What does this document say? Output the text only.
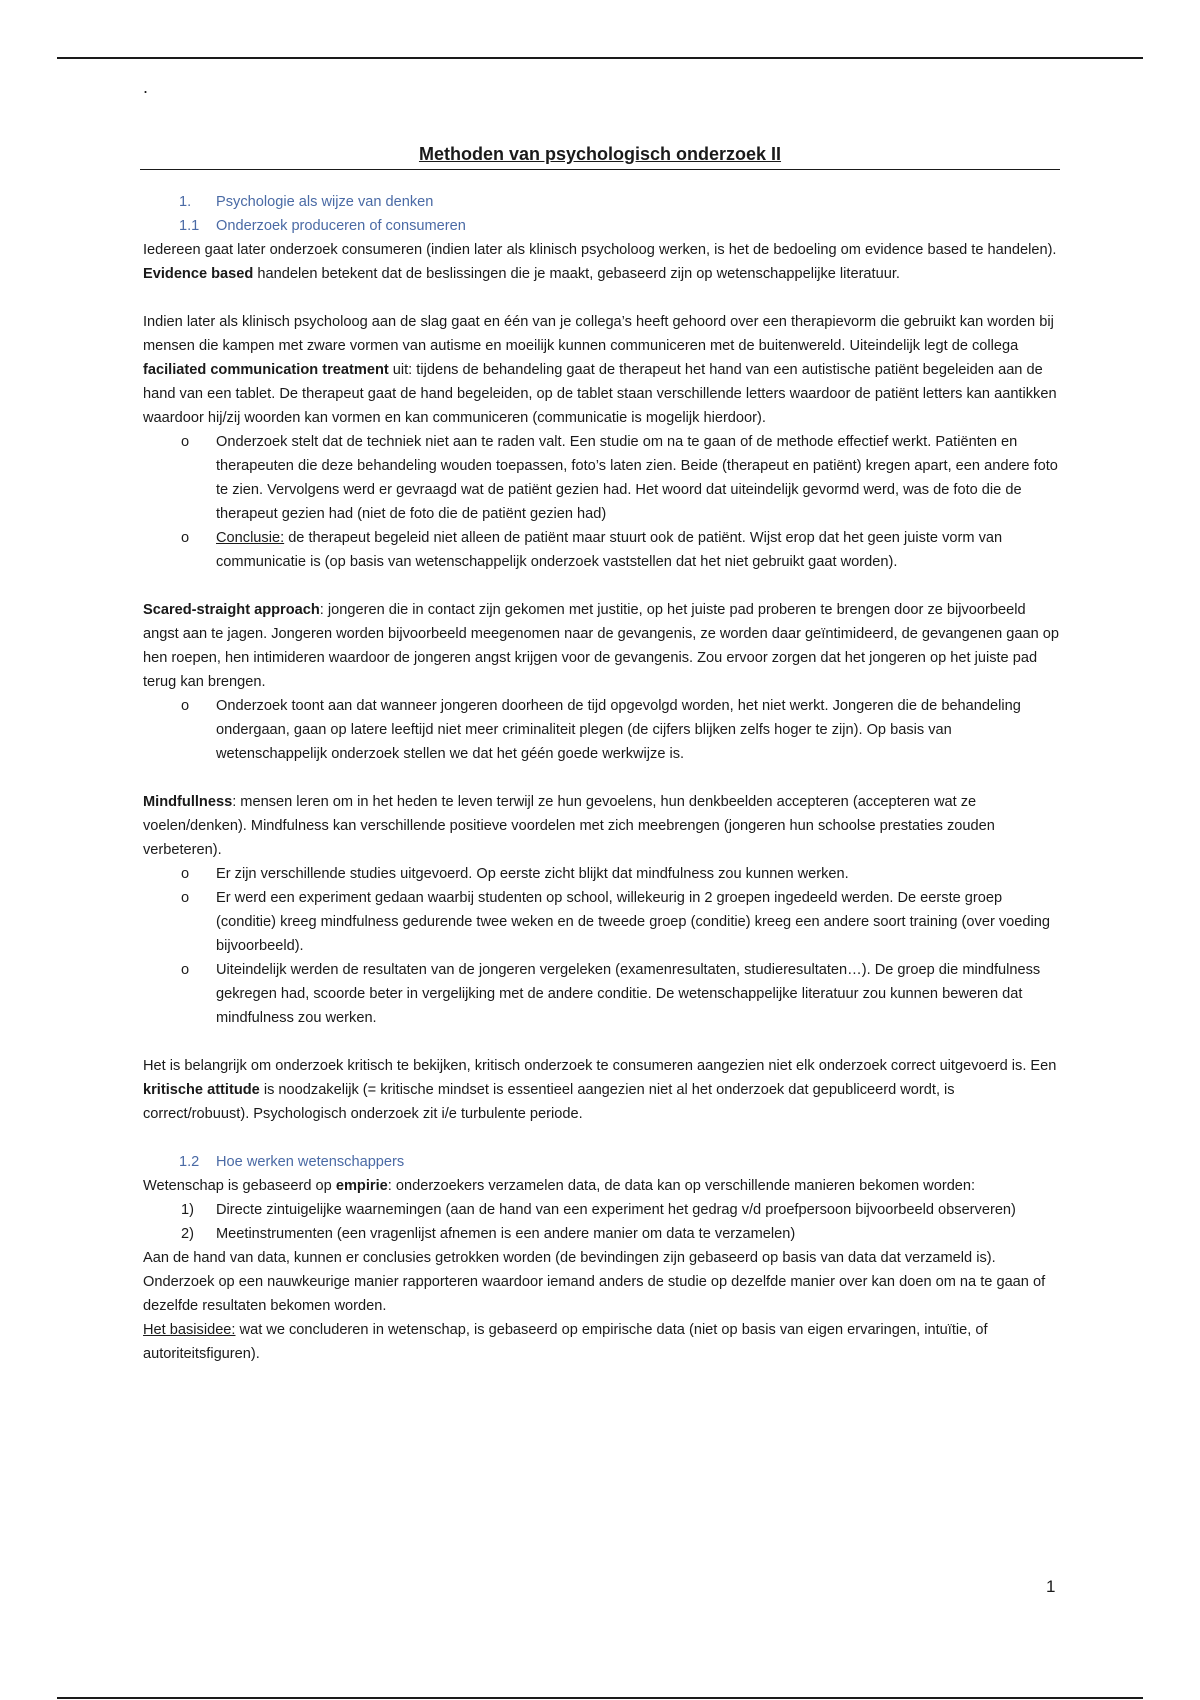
.
Methoden van psychologisch onderzoek II
1. Psychologie als wijze van denken
1.1 Onderzoek produceren of consumeren

Iedereen gaat later onderzoek consumeren (indien later als klinisch psycholoog werken, is het de bedoeling om evidence based te handelen). Evidence based handelen betekent dat de beslissingen die je maakt, gebaseerd zijn op wetenschappelijke literatuur.

Indien later als klinisch psycholoog aan de slag gaat en één van je collega’s heeft gehoord over een therapievorm die gebruikt kan worden bij mensen die kampen met zware vormen van autisme en moeilijk kunnen communiceren met de buitenwereld. Uiteindelijk legt de collega faciliated communication treatment uit: tijdens de behandeling gaat de therapeut het hand van een autistische patiënt begeleiden aan de hand van een tablet. De therapeut gaat de hand begeleiden, op de tablet staan verschillende letters waardoor de patiënt letters kan aantikken waardoor hij/zij woorden kan vormen en kan communiceren (communicatie is mogelijk hierdoor).

o Onderzoek stelt dat de techniek niet aan te raden valt. Een studie om na te gaan of de methode effectief werkt. Patiënten en therapeuten die deze behandeling wouden toepassen, foto’s laten zien. Beide (therapeut en patiënt) kregen apart, een andere foto te zien. Vervolgens werd er gevraagd wat de patiënt gezien had. Het woord dat uiteindelijk gevormd werd, was de foto die de therapeut gezien had (niet de foto die de patiënt gezien had)
o Conclusie: de therapeut begeleid niet alleen de patiënt maar stuurt ook de patiënt. Wijst erop dat het geen juiste vorm van communicatie is (op basis van wetenschappelijk onderzoek vaststellen dat het niet gebruikt gaat worden).

Scared-straight approach: jongeren die in contact zijn gekomen met justitie, op het juiste pad proberen te brengen door ze bijvoorbeeld angst aan te jagen. Jongeren worden bijvoorbeeld meegenomen naar de gevangenis, ze worden daar geïntimideerd, de gevangenen gaan op hen roepen, hen intimideren waardoor de jongeren angst krijgen voor de gevangenis. Zou ervoor zorgen dat het jongeren op het juiste pad terug kan brengen.

o Onderzoek toont aan dat wanneer jongeren doorheen de tijd opgevolgd worden, het niet werkt. Jongeren die de behandeling ondergaan, gaan op latere leeftijd niet meer criminaliteit plegen (de cijfers blijken zelfs hoger te zijn). Op basis van wetenschappelijk onderzoek stellen we dat het géén goede werkwijze is.

Mindfullness: mensen leren om in het heden te leven terwijl ze hun gevoelens, hun denkbeelden accepteren (accepteren wat ze voelen/denken). Mindfulness kan verschillende positieve voordelen met zich meebrengen (jongeren hun schoolse prestaties zouden verbeteren).

o Er zijn verschillende studies uitgevoerd. Op eerste zicht blijkt dat mindfulness zou kunnen werken.
o Er werd een experiment gedaan waarbij studenten op school, willekeurig in 2 groepen ingedeeld werden. De eerste groep (conditie) kreeg mindfulness gedurende twee weken en de tweede groep (conditie) kreeg een andere soort training (over voeding bijvoorbeeld).
o Uiteindelijk werden de resultaten van de jongeren vergeleken (examenresultaten, studieresultaten…). De groep die mindfulness gekregen had, scoorde beter in vergelijking met de andere conditie. De wetenschappelijke literatuur zou kunnen beweren dat mindfulness zou werken.

Het is belangrijk om onderzoek kritisch te bekijken, kritisch onderzoek te consumeren aangezien niet elk onderzoek correct uitgevoerd is. Een kritische attitude is noodzakelijk (= kritische mindset is essentieel aangezien niet al het onderzoek dat gepubliceerd wordt, is correct/robuust). Psychologisch onderzoek zit i/e turbulente periode.

1.2 Hoe werken wetenschappers

Wetenschap is gebaseerd op empirie: onderzoekers verzamelen data, de data kan op verschillende manieren bekomen worden:

1) Directe zintuigelijke waarnemingen (aan de hand van een experiment het gedrag v/d proefpersoon bijvoorbeeld observeren)
2) Meetinstrumenten (een vragenlijst afnemen is een andere manier om data te verzamelen)

Aan de hand van data, kunnen er conclusies getrokken worden (de bevindingen zijn gebaseerd op basis van data dat verzameld is). Onderzoek op een nauwkeurige manier rapporteren waardoor iemand anders de studie op dezelfde manier over kan doen om na te gaan of dezelfde resultaten bekomen worden.

Het basisidee: wat we concluderen in wetenschap, is gebaseerd op empirische data (niet op basis van eigen ervaringen, intuïtie, of autoriteitsfiguren).

1
